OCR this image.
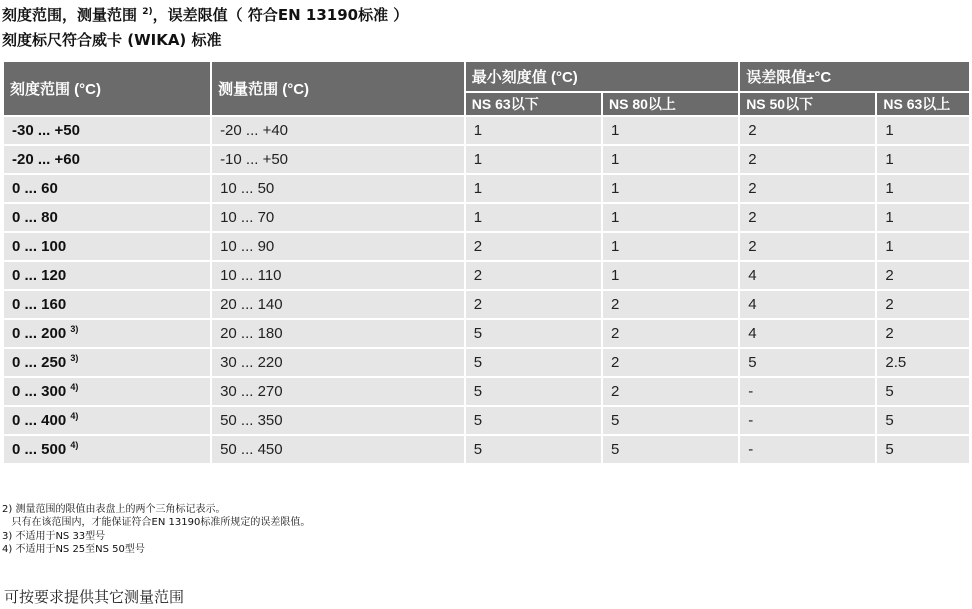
刻度范围，测量范围 $^{2)}$，误差限值（ 符合EN 13190标准 ）
刻度标尺符合威卡 (WIKA) 标准
刻度范围 (°C)	测量范围 (°C)	最小刻度值 (°C)		误差限值±°C	
		NS 63以下	NS 80以上	NS 50以下	NS 63以上
-30 ... +50	-20 ... +40	1	1	2	1
-20 ... +60	-10 ... +50	1	1	2	1
0 ... 60	10 ... 50	1	1	2	1
0 ... 80	10 ... 70	1	1	2	1
0 ... 100	10 ... 90	2	1	2	1
0 ... 120	10 ... 110	2	1	4	2
0 ... 160	20 ... 140	2	2	4	2
0 ... 200 $^{3)}$	20 ... 180	5	2	4	2
0 ... 250 $^{3)}$	30 ... 220	5	2	5	2.5
0 ... 300 $^{4)}$	30 ... 270	5	2	-	5
0 ... 400 $^{4)}$	50 ... 350	5	5	-	5
0 ... 500 $^{4)}$	50 ... 450	5	5	-	5

2) 测量范围的限值由表盘上的两个三角标记表示。
只有在该范围内，才能保证符合EN 13190标准所规定的误差限值。
3) 不适用于NS 33型号
4) 不适用于NS 25至NS 50型号

可按要求提供其它测量范围
